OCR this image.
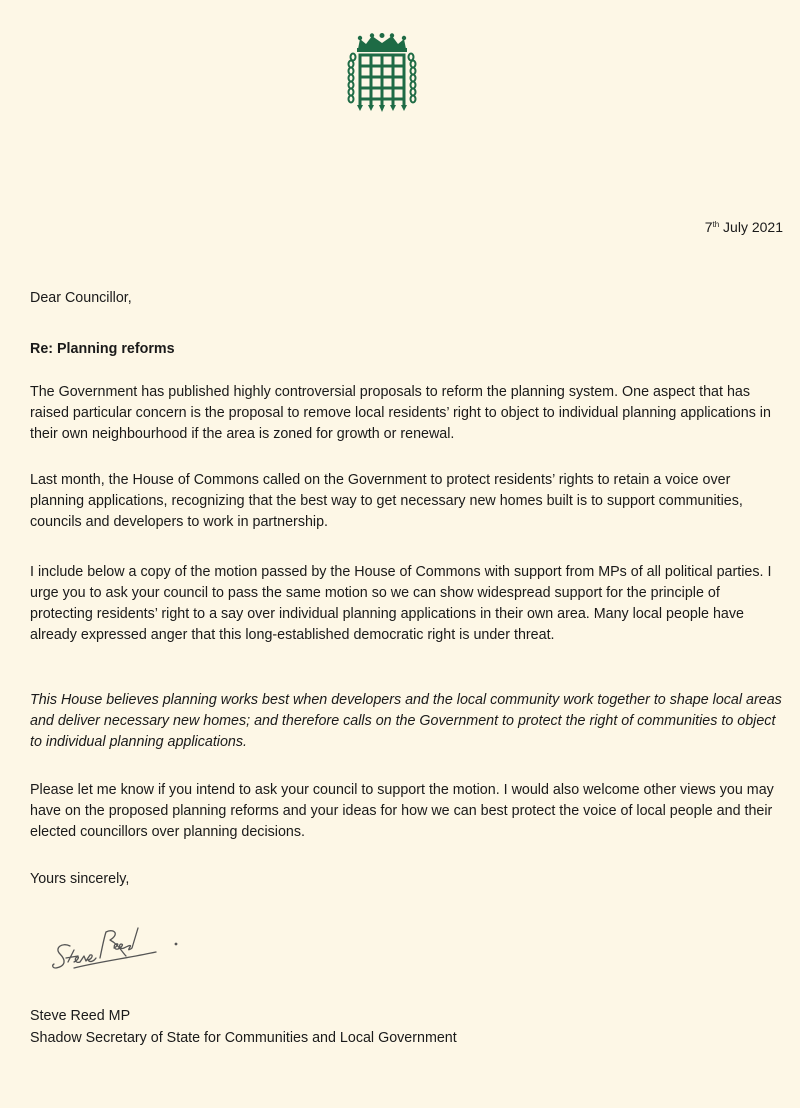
7th July 2021
Dear Councillor,
Re: Planning reforms
The Government has published highly controversial proposals to reform the planning system. One aspect that has raised particular concern is the proposal to remove local residents’ right to object to individual planning applications in their own neighbourhood if the area is zoned for growth or renewal.
Last month, the House of Commons called on the Government to protect residents’ rights to retain a voice over planning applications, recognizing that the best way to get necessary new homes built is to support communities, councils and developers to work in partnership.
I include below a copy of the motion passed by the House of Commons with support from MPs of all political parties. I urge you to ask your council to pass the same motion so we can show widespread support for the principle of protecting residents’ right to a say over individual planning applications in their own area. Many local people have already expressed anger that this long-established democratic right is under threat.
This House believes planning works best when developers and the local community work together to shape local areas and deliver necessary new homes; and therefore calls on the Government to protect the right of communities to object to individual planning applications.
Please let me know if you intend to ask your council to support the motion. I would also welcome other views you may have on the proposed planning reforms and your ideas for how we can best protect the voice of local people and their elected councillors over planning decisions.
Yours sincerely,
Steve Reed MP
Shadow Secretary of State for Communities and Local Government
